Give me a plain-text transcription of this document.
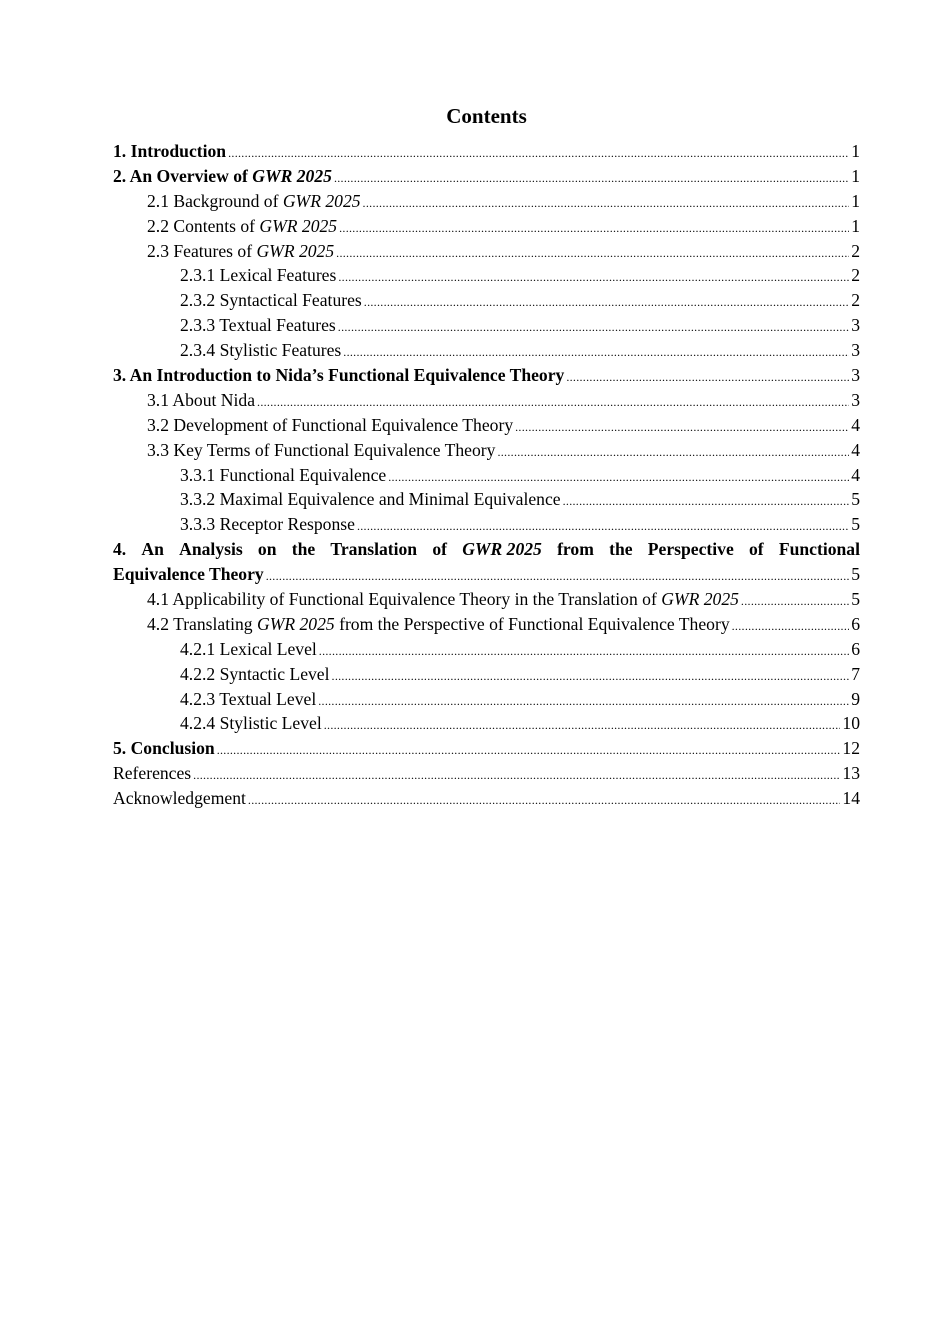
Contents
1. Introduction .....	1
2. An Overview of GWR 2025 .....	1
2.1 Background of GWR 2025 .....	1
2.2 Contents of GWR 2025 .....	1
2.3 Features of GWR 2025 .....	2
2.3.1 Lexical Features .....	2
2.3.2 Syntactical Features .....	2
2.3.3 Textual Features .....	3
2.3.4 Stylistic Features .....	3
3. An Introduction to Nida’s Functional Equivalence Theory .....	3
3.1 About Nida .....	3
3.2 Development of Functional Equivalence Theory .....	4
3.3 Key Terms of Functional Equivalence Theory .....	4
3.3.1 Functional Equivalence .....	4
3.3.2 Maximal Equivalence and Minimal Equivalence .....	5
3.3.3 Receptor Response .....	5
4. An Analysis on the Translation of GWR 2025 from the Perspective of Functional
Equivalence Theory .....	5
4.1 Applicability of Functional Equivalence Theory in the Translation of GWR 2025 .....	5
4.2 Translating GWR 2025 from the Perspective of Functional Equivalence Theory .....	6
4.2.1 Lexical Level .....	6
4.2.2 Syntactic Level .....	7
4.2.3 Textual Level .....	9
4.2.4 Stylistic Level .....	10
5. Conclusion .....	12
References .....	13
Acknowledgement .....	14
